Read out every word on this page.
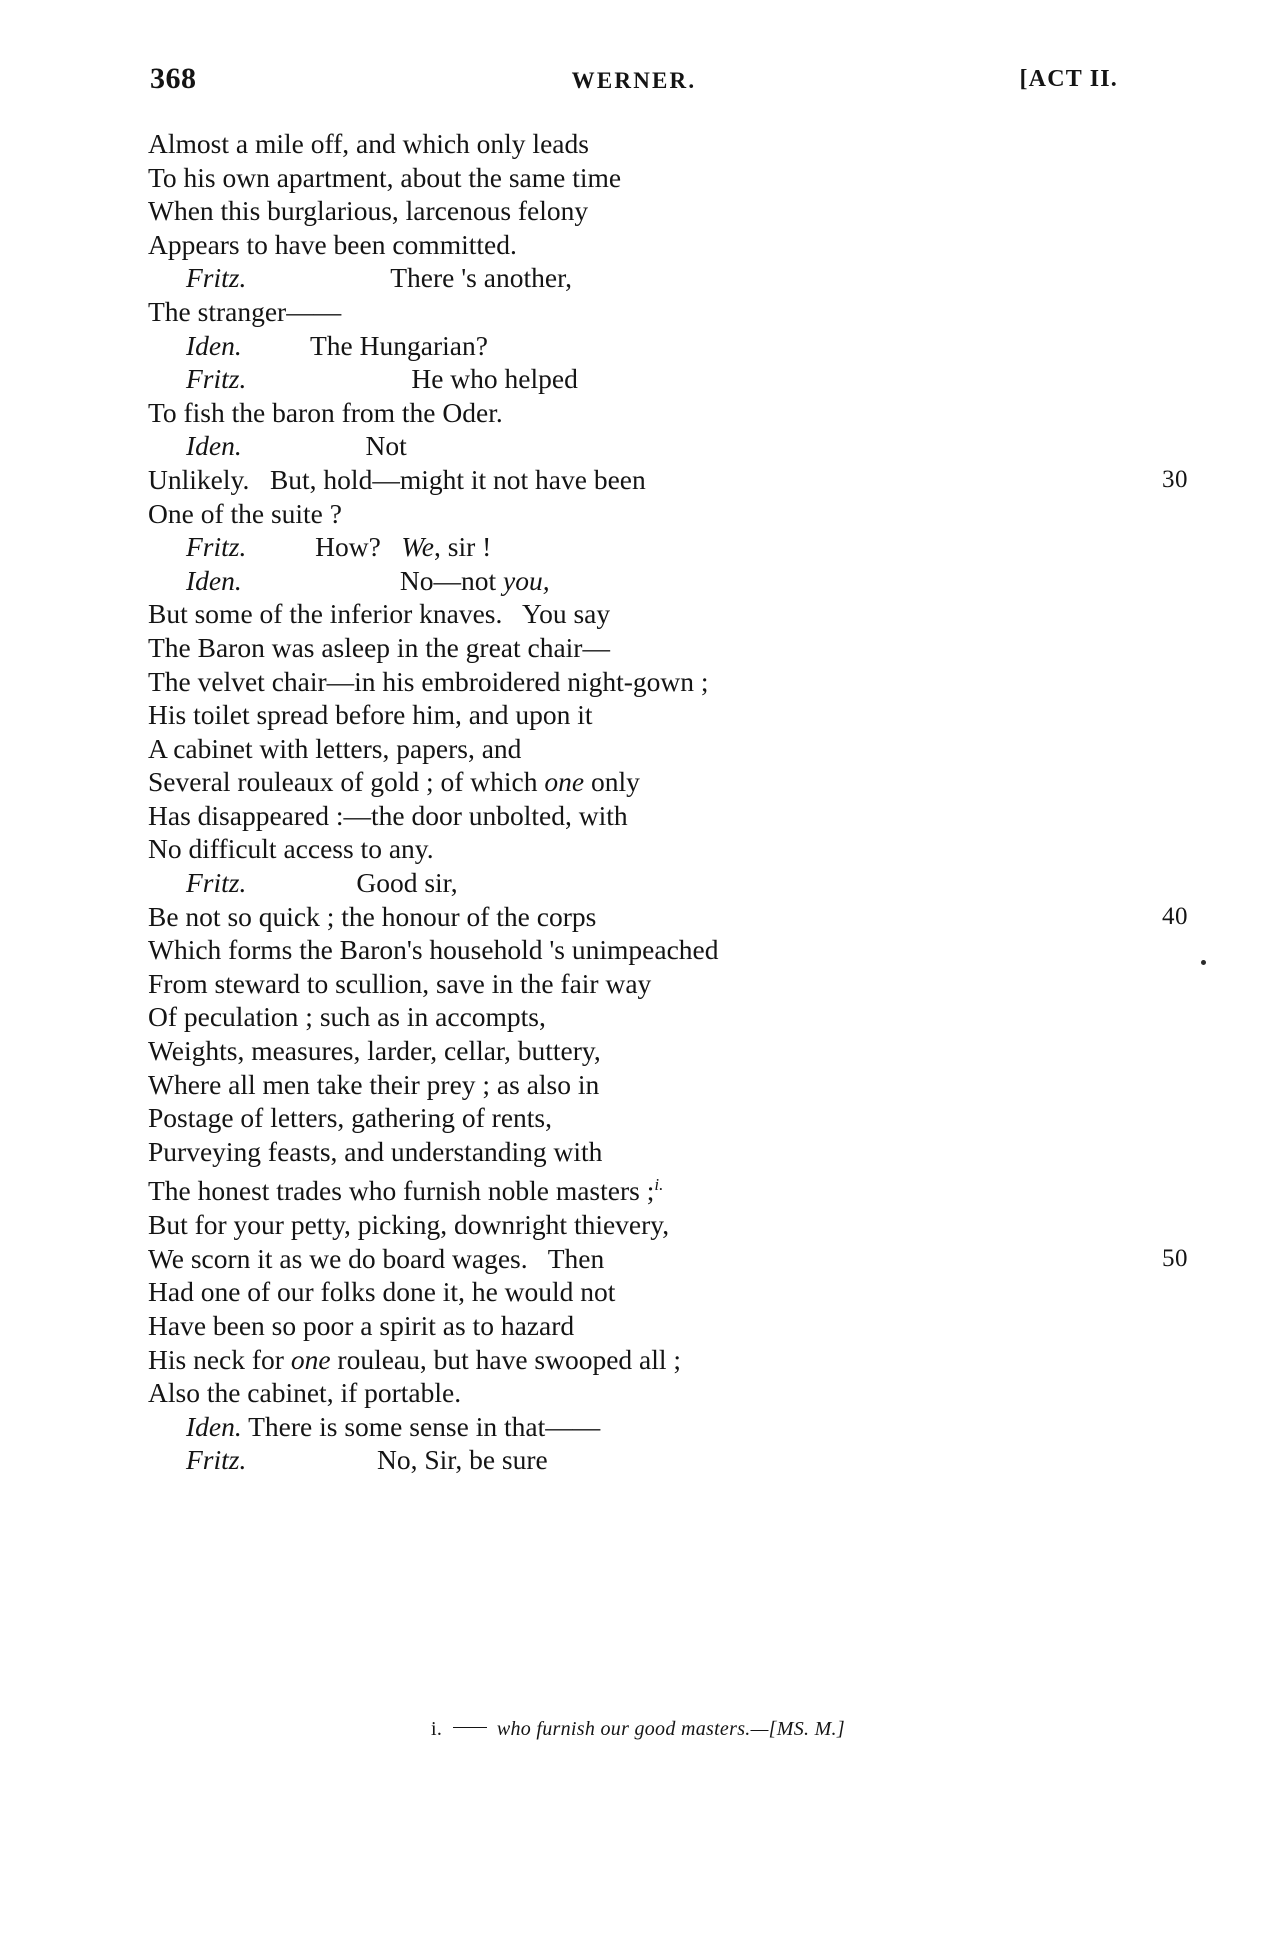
368	WERNER.	[ACT II.
Almost a mile off, and which only leads
To his own apartment, about the same time
When this burglarious, larcenous felony
Appears to have been committed.
Fritz.                     There 's another,
The stranger——
Iden.          The Hungarian?
Fritz.                        He who helped
To fish the baron from the Oder.
Iden.                  Not
Unlikely.   But, hold—might it not have been	30
One of the suite ?
Fritz.          How?   We, sir !
Iden.                       No—not you,
But some of the inferior knaves.   You say
The Baron was asleep in the great chair—
The velvet chair—in his embroidered night-gown ;
His toilet spread before him, and upon it
A cabinet with letters, papers, and
Several rouleaux of gold ; of which one only
Has disappeared :—the door unbolted, with
No difficult access to any.
Fritz.                Good sir,
Be not so quick ; the honour of the corps	40
Which forms the Baron's household 's unimpeached
From steward to scullion, save in the fair way
Of peculation ; such as in accompts,
Weights, measures, larder, cellar, buttery,
Where all men take their prey ; as also in
Postage of letters, gathering of rents,
Purveying feasts, and understanding with
The honest trades who furnish noble masters ;$^{i.}$
But for your petty, picking, downright thievery,
We scorn it as we do board wages.   Then	50
Had one of our folks done it, he would not
Have been so poor a spirit as to hazard
His neck for one rouleau, but have swooped all ;
Also the cabinet, if portable.
Iden. There is some sense in that——
Fritz.                   No, Sir, be sure
i.	who furnish our good masters.—[MS. M.]
